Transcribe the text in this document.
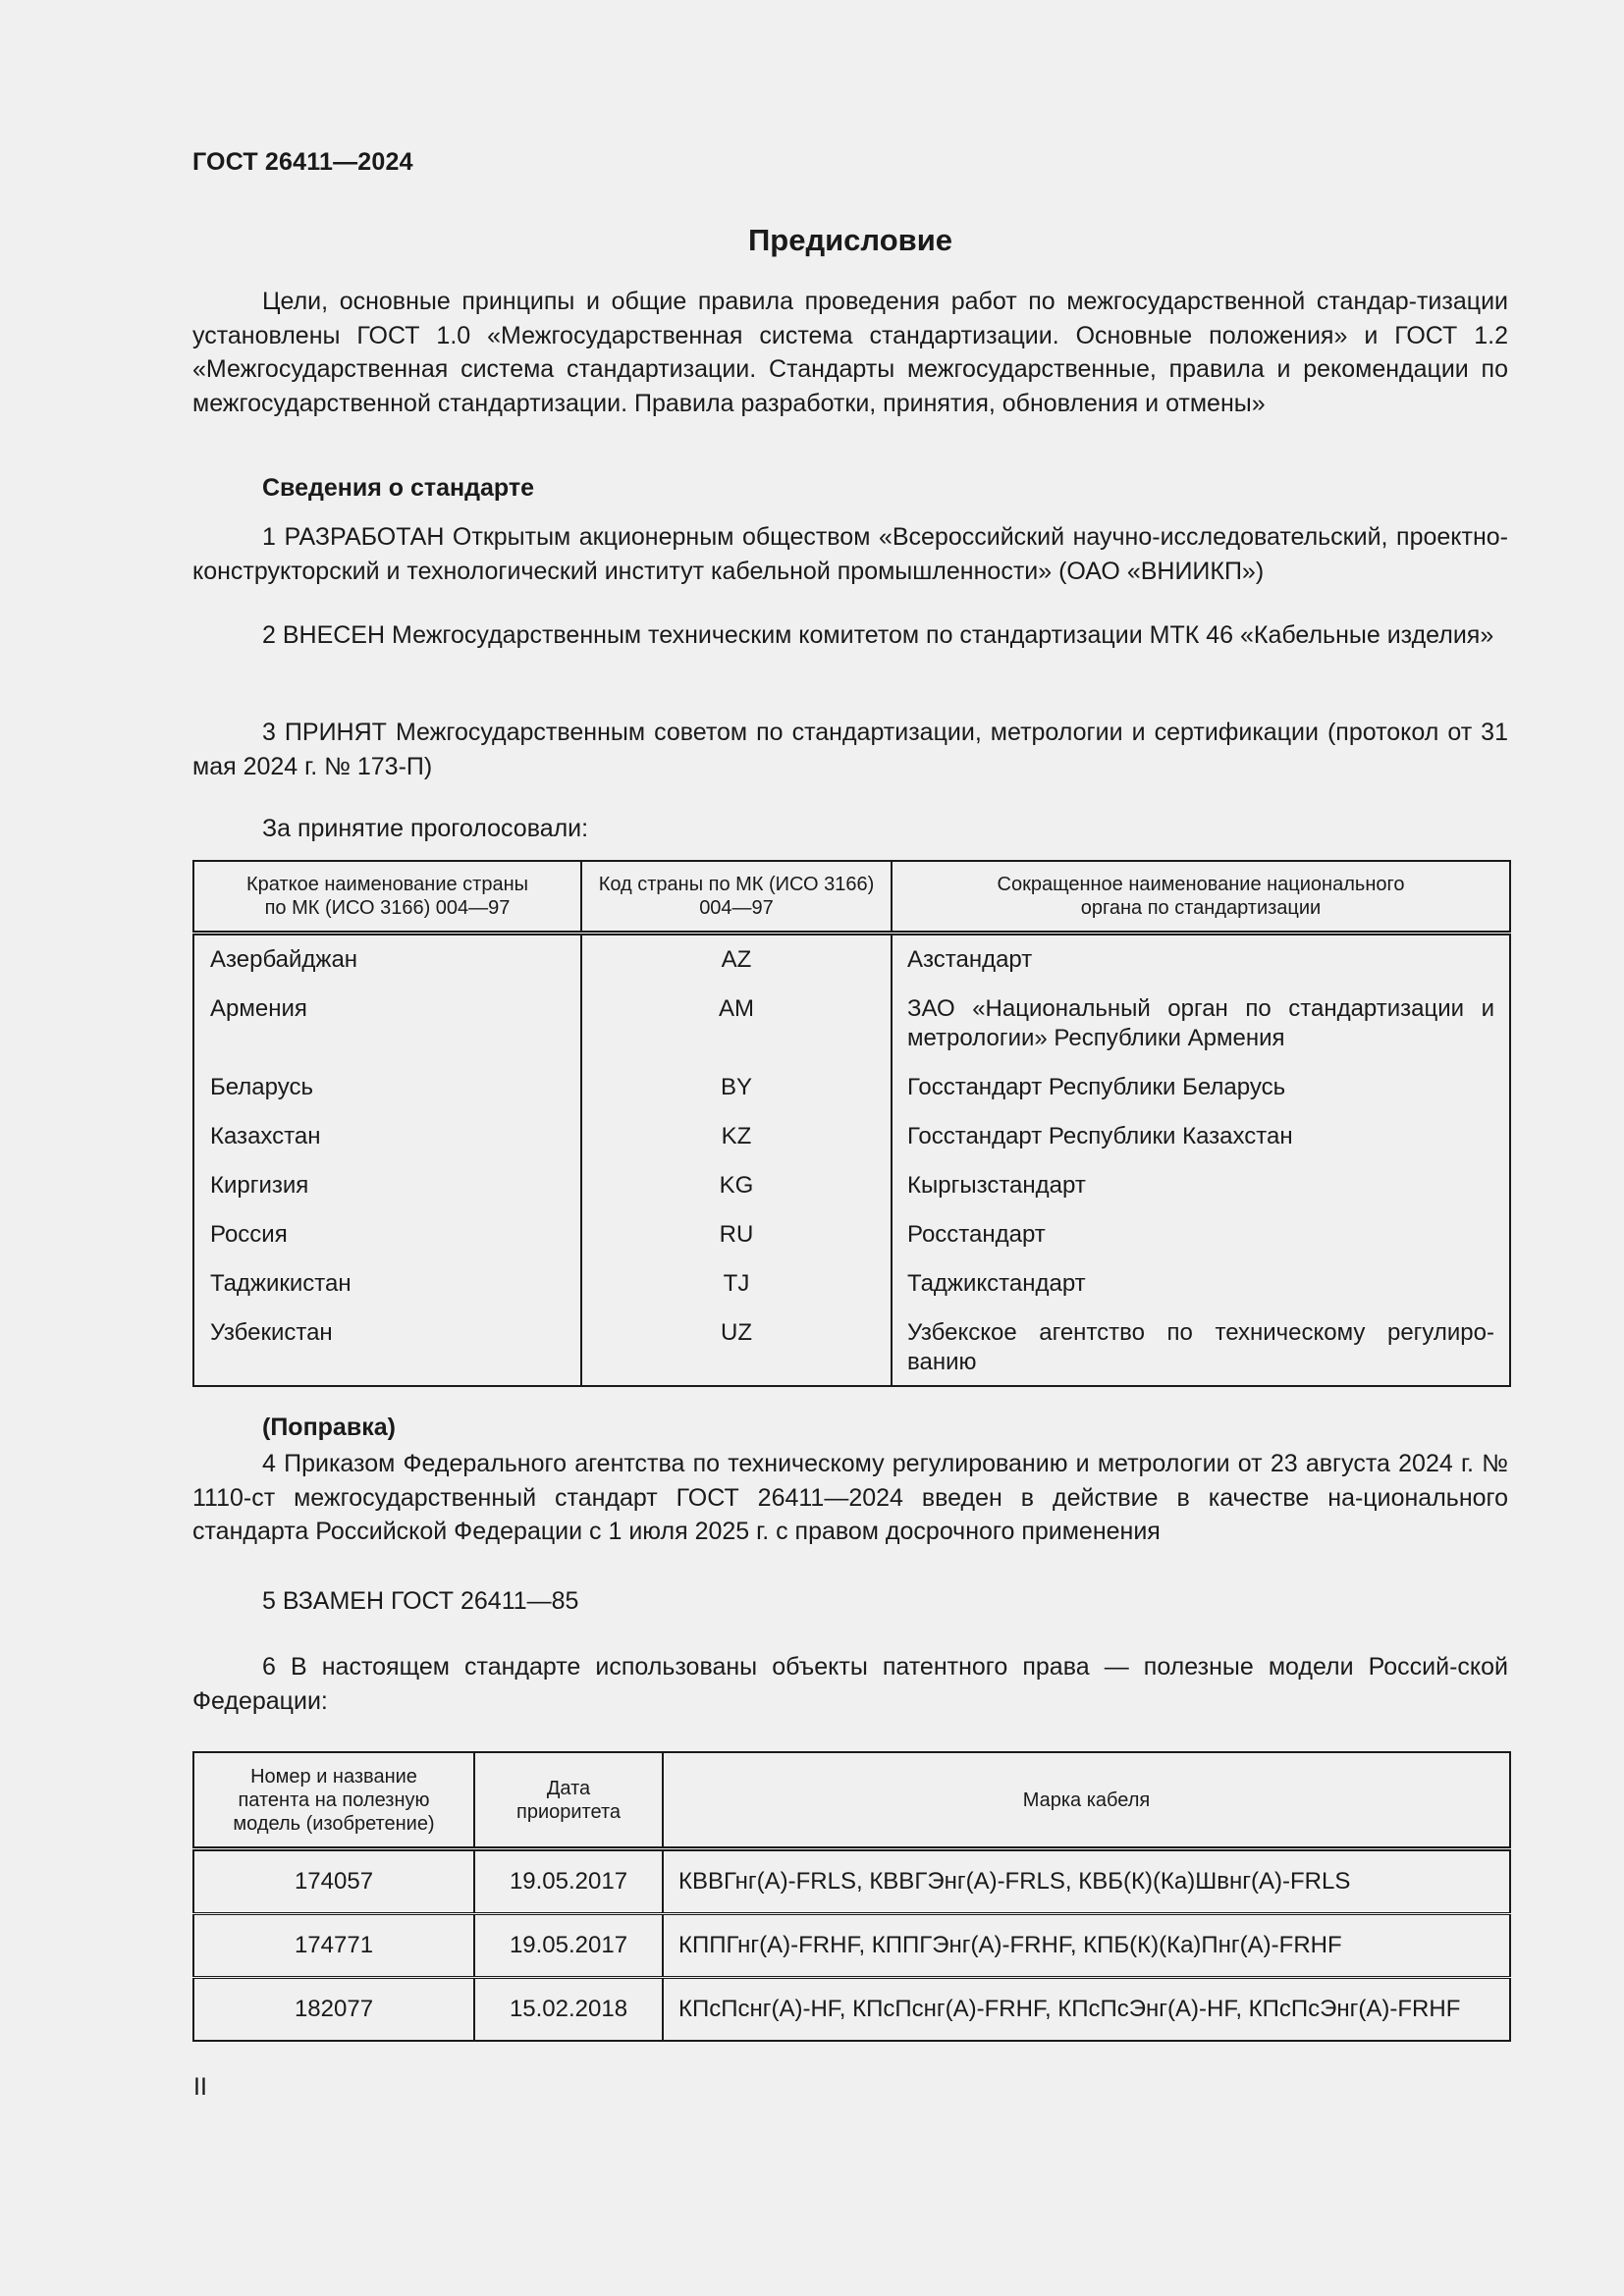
ГОСТ 26411—2024
Предисловие
Цели, основные принципы и общие правила проведения работ по межгосударственной стандар-тизации установлены ГОСТ 1.0 «Межгосударственная система стандартизации. Основные положения» и ГОСТ 1.2 «Межгосударственная система стандартизации. Стандарты межгосударственные, правила и рекомендации по межгосударственной стандартизации. Правила разработки, принятия, обновления и отмены»
Сведения о стандарте
1 РАЗРАБОТАН Открытым акционерным обществом «Всероссийский научно-исследовательский, проектно-конструкторский и технологический институт кабельной промышленности» (ОАО «ВНИИКП»)
2 ВНЕСЕН Межгосударственным техническим комитетом по стандартизации МТК 46 «Кабельные изделия»
3 ПРИНЯТ Межгосударственным советом по стандартизации, метрологии и сертификации (протокол от 31 мая 2024 г. № 173-П)
За принятие проголосовали:
Краткое наименование страны по МК (ИСО 3166) 004—97	Код страны по МК (ИСО 3166) 004—97	Сокращенное наименование национального органа по стандартизации
Азербайджан	AZ	Азстандарт
Армения	AM	ЗАО «Национальный орган по стандартизации и метрологии» Республики Армения
Беларусь	BY	Госстандарт Республики Беларусь
Казахстан	KZ	Госстандарт Республики Казахстан
Киргизия	KG	Кыргызстандарт
Россия	RU	Росстандарт
Таджикистан	TJ	Таджикстандарт
Узбекистан	UZ	Узбекское агентство по техническому регулиро-ванию
(Поправка)
4 Приказом Федерального агентства по техническому регулированию и метрологии от 23 августа 2024 г. № 1110-ст межгосударственный стандарт ГОСТ 26411—2024 введен в действие в качестве на-ционального стандарта Российской Федерации с 1 июля 2025 г. с правом досрочного применения
5 ВЗАМЕН ГОСТ 26411—85
6 В настоящем стандарте использованы объекты патентного права — полезные модели Россий-ской Федерации:
Номер и название патента на полезную модель (изобретение)	Дата приоритета	Марка кабеля
174057	19.05.2017	КВВГнг(А)-FRLS, КВВГЭнг(А)-FRLS, КВБ(К)(Ка)Швнг(А)-FRLS
174771	19.05.2017	КППГнг(А)-FRHF, КППГЭнг(А)-FRHF, КПБ(К)(Ка)Пнг(А)-FRHF
182077	15.02.2018	КПсПснг(А)-HF, КПсПснг(А)-FRHF, КПсПсЭнг(А)-HF, КПсПсЭнг(А)-FRHF
II
